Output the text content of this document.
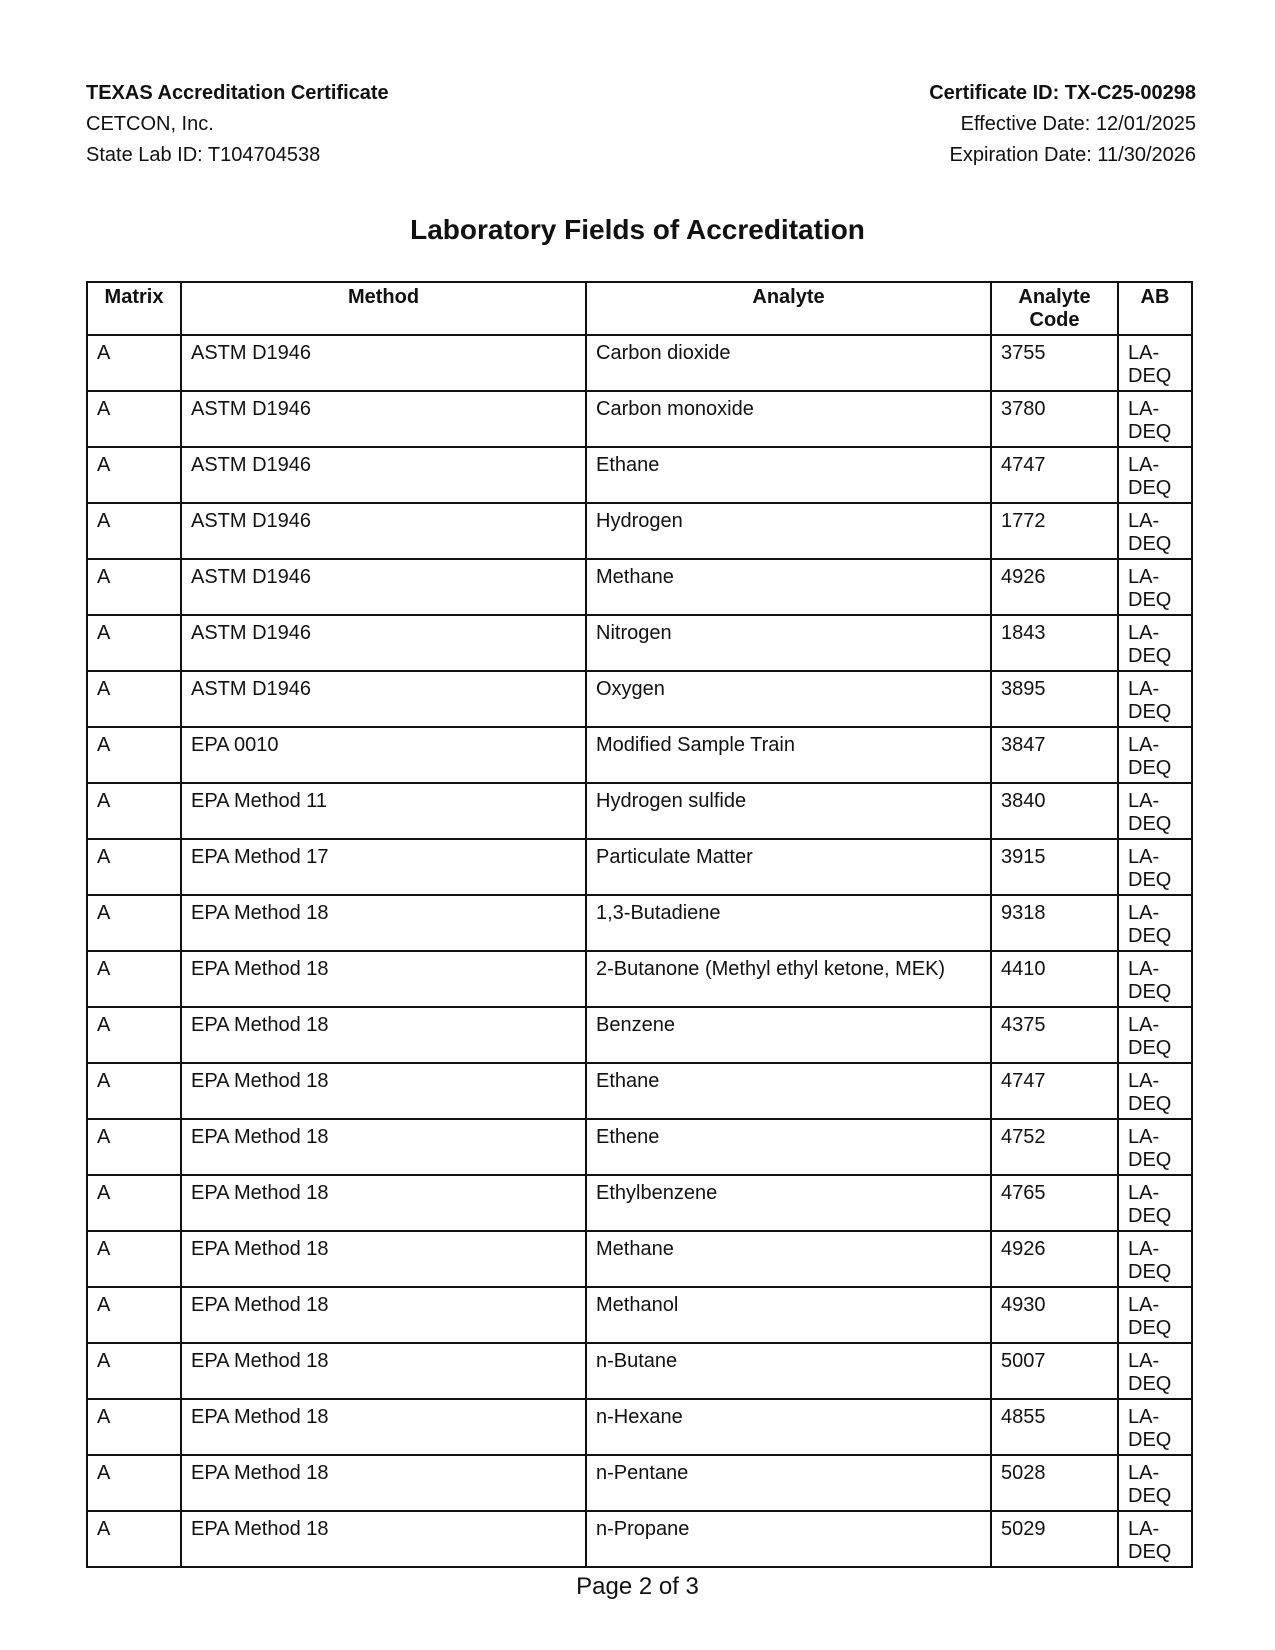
TEXAS Accreditation Certificate
CETCON, Inc.
State Lab ID: T104704538
Certificate ID: TX-C25-00298
Effective Date: 12/01/2025
Expiration Date: 11/30/2026
Laboratory Fields of Accreditation
Matrix	Method	Analyte	Analyte Code	AB
A	ASTM D1946	Carbon dioxide	3755	LA-DEQ
A	ASTM D1946	Carbon monoxide	3780	LA-DEQ
A	ASTM D1946	Ethane	4747	LA-DEQ
A	ASTM D1946	Hydrogen	1772	LA-DEQ
A	ASTM D1946	Methane	4926	LA-DEQ
A	ASTM D1946	Nitrogen	1843	LA-DEQ
A	ASTM D1946	Oxygen	3895	LA-DEQ
A	EPA 0010	Modified Sample Train	3847	LA-DEQ
A	EPA Method 11	Hydrogen sulfide	3840	LA-DEQ
A	EPA Method 17	Particulate Matter	3915	LA-DEQ
A	EPA Method 18	1,3-Butadiene	9318	LA-DEQ
A	EPA Method 18	2-Butanone (Methyl ethyl ketone, MEK)	4410	LA-DEQ
A	EPA Method 18	Benzene	4375	LA-DEQ
A	EPA Method 18	Ethane	4747	LA-DEQ
A	EPA Method 18	Ethene	4752	LA-DEQ
A	EPA Method 18	Ethylbenzene	4765	LA-DEQ
A	EPA Method 18	Methane	4926	LA-DEQ
A	EPA Method 18	Methanol	4930	LA-DEQ
A	EPA Method 18	n-Butane	5007	LA-DEQ
A	EPA Method 18	n-Hexane	4855	LA-DEQ
A	EPA Method 18	n-Pentane	5028	LA-DEQ
A	EPA Method 18	n-Propane	5029	LA-DEQ
Page 2 of 3
